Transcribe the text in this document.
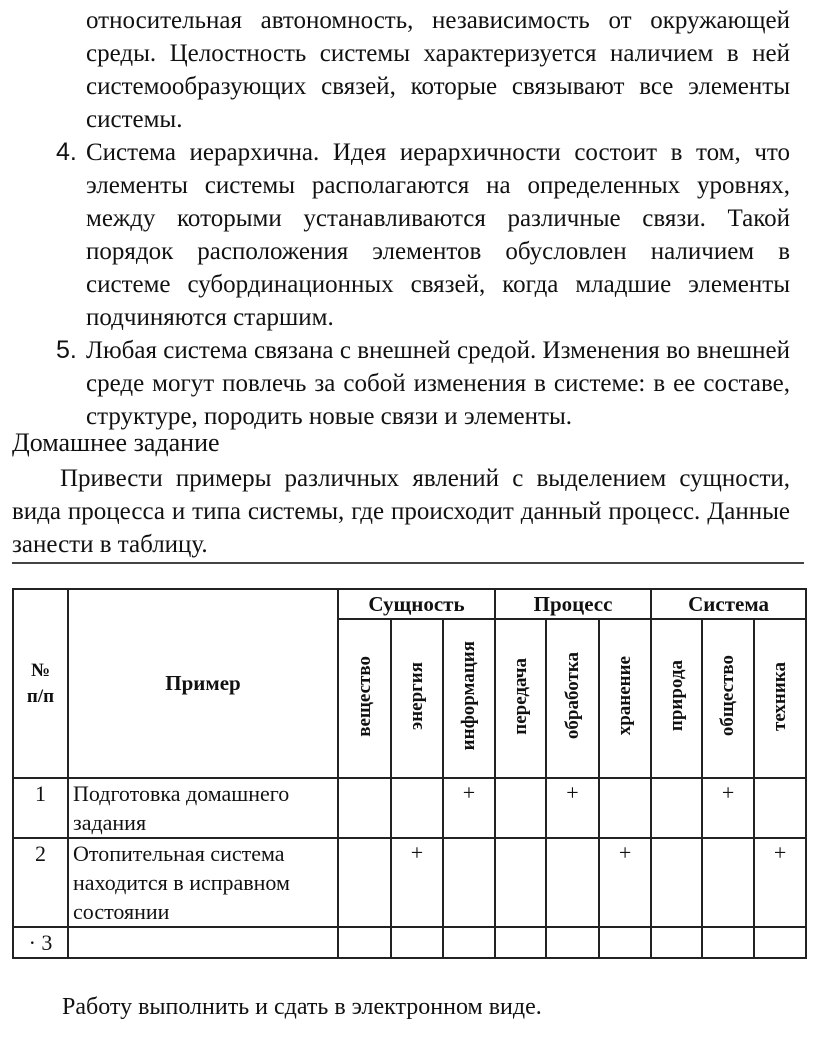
относительная автономность, независимость от окружающей среды. Целостность системы характеризуется наличием в ней системообразующих связей, которые связывают все элементы системы.
4. Система иерархична. Идея иерархичности состоит в том, что элементы системы располагаются на определенных уровнях, между которыми устанавливаются различные связи. Такой порядок расположения элементов обусловлен наличием в системе субординационных связей, когда младшие элементы подчиняются старшим.
5. Любая система связана с внешней средой. Изменения во внешней среде могут повлечь за собой изменения в системе: в ее составе, структуре, породить новые связи и элементы.
Домашнее задание
Привести примеры различных явлений с выделением сущности, вида процесса и типа системы, где происходит данный процесс. Данные занести в таблицу.
№
п/п	Пример	Сущность			Процесс			Система		
		вещество	энергия	информация	передача	обработка	хранение	природа	общество	техника
1	Подготовка домашнего задания			+		+			+	
2	Отопительная система находится в исправном состоянии		+				+			+
· 3										
Работу выполнить и сдать в электронном виде.
